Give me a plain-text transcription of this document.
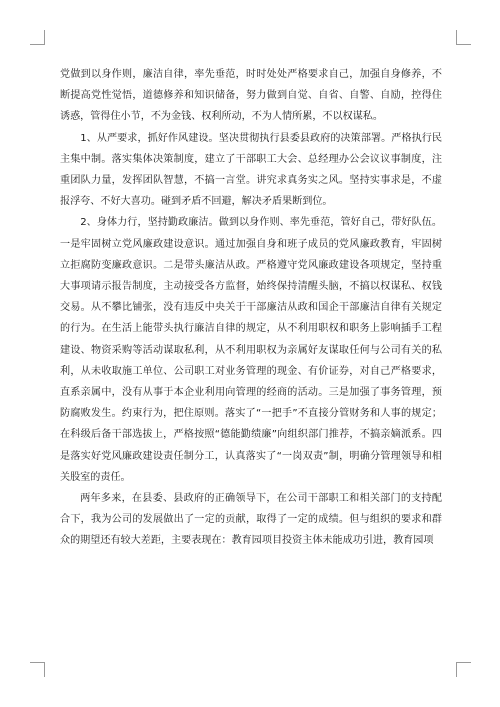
党做到以身作则，廉洁自律，率先垂范，时时处处严格要求自己，加强自身修养，不断提高党性觉悟，道德修养和知识储备，努力做到自觉、自省、自警、自励，控得住诱惑，管得住小节，不为金钱、权利所动，不为人情所累，不以权谋私。

1、从严要求，抓好作风建设。坚决贯彻执行县委县政府的决策部署。严格执行民主集中制。落实集体决策制度，建立了干部职工大会、总经理办公会议议事制度，注重团队力量，发挥团队智慧，不搞一言堂。讲究求真务实之风。坚持实事求是，不虚报浮夸、不好大喜功。碰到矛盾不回避，解决矛盾果断到位。

2、身体力行，坚持勤政廉洁。做到以身作则、率先垂范，管好自己，带好队伍。一是牢固树立党风廉政建设意识。通过加强自身和班子成员的党风廉政教育，牢固树立拒腐防变廉政意识。二是带头廉洁从政。严格遵守党风廉政建设各项规定，坚持重大事项请示报告制度，主动接受各方监督，始终保持清醒头脑，不搞以权谋私、权钱交易。从不攀比铺张，没有违反中央关于干部廉洁从政和国企干部廉洁自律有关规定的行为。在生活上能带头执行廉洁自律的规定，从不利用职权和职务上影响插手工程建设、物资采购等活动谋取私利，从不利用职权为亲属好友谋取任何与公司有关的私利，从未收取施工单位、公司职工对业务管理的现金、有价证券，对自己严格要求，直系亲属中，没有从事于本企业利用向管理的经商的活动。三是加强了事务管理，预防腐败发生。约束行为，把住原则。落实了“一把手”不直接分管财务和人事的规定；在科级后备干部选拔上，严格按照“德能勤绩廉”向组织部门推荐，不搞亲嫡派系。四是落实好党风廉政建设责任制分工，认真落实了“一岗双责”制，明确分管理领导和相关股室的责任。

两年多来，在县委、县政府的正确领导下，在公司干部职工和相关部门的支持配合下，我为公司的发展做出了一定的贡献，取得了一定的成绩。但与组织的要求和群众的期望还有较大差距，主要表现在：教育园项目投资主体未能成功引进，教育园项
